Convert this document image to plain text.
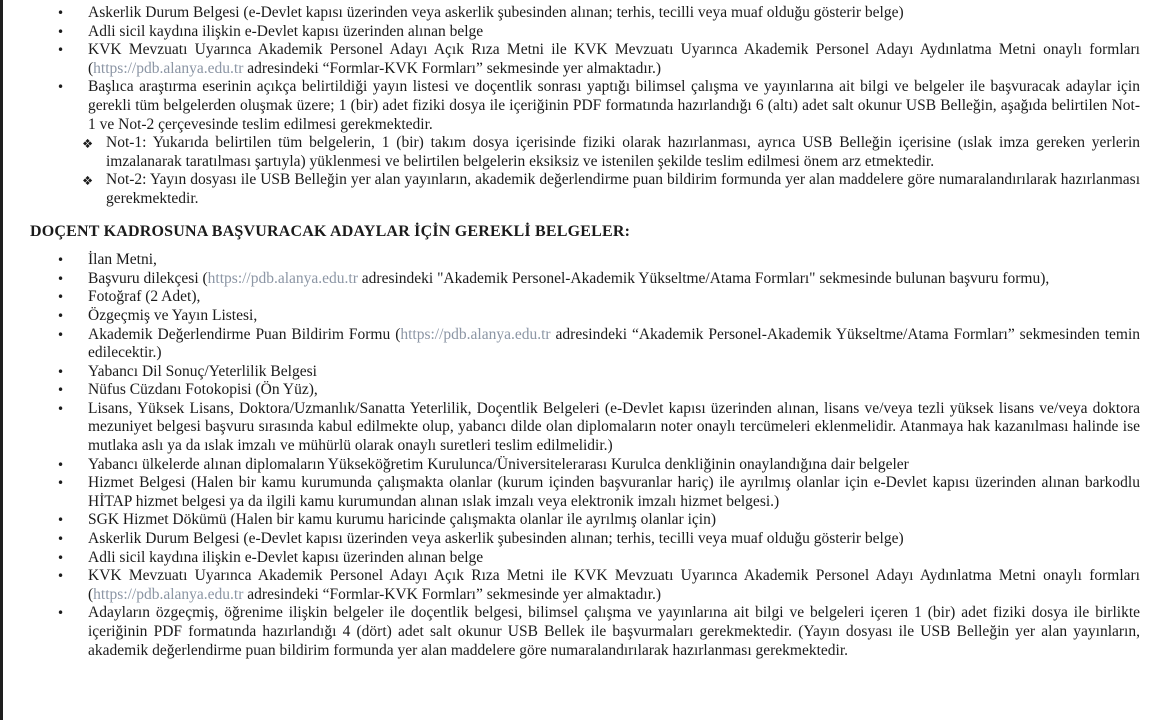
• Askerlik Durum Belgesi (e-Devlet kapısı üzerinden veya askerlik şubesinden alınan; terhis, tecilli veya muaf olduğu gösterir belge)
• Adli sicil kaydına ilişkin e-Devlet kapısı üzerinden alınan belge
• KVK Mevzuatı Uyarınca Akademik Personel Adayı Açık Rıza Metni ile KVK Mevzuatı Uyarınca Akademik Personel Adayı Aydınlatma Metni onaylı formları (https://pdb.alanya.edu.tr adresindeki “Formlar-KVK Formları” sekmesinde yer almaktadır.)
• Başlıca araştırma eserinin açıkça belirtildiği yayın listesi ve doçentlik sonrası yaptığı bilimsel çalışma ve yayınlarına ait bilgi ve belgeler ile başvuracak adaylar için gerekli tüm belgelerden oluşmak üzere; 1 (bir) adet fiziki dosya ile içeriğinin PDF formatında hazırlandığı 6 (altı) adet salt okunur USB Belleğin, aşağıda belirtilen Not-1 ve Not-2 çerçevesinde teslim edilmesi gerekmektedir.
❖ Not-1: Yukarıda belirtilen tüm belgelerin, 1 (bir) takım dosya içerisinde fiziki olarak hazırlanması, ayrıca USB Belleğin içerisine (ıslak imza gereken yerlerin imzalanarak taratılması şartıyla) yüklenmesi ve belirtilen belgelerin eksiksiz ve istenilen şekilde teslim edilmesi önem arz etmektedir.
❖ Not-2: Yayın dosyası ile USB Belleğin yer alan yayınların, akademik değerlendirme puan bildirim formunda yer alan maddelere göre numaralandırılarak hazırlanması gerekmektedir.
DOÇENT KADROSUNA BAŞVURACAK ADAYLAR İÇİN GEREKLİ BELGELER:
• İlan Metni,
• Başvuru dilekçesi (https://pdb.alanya.edu.tr adresindeki "Akademik Personel-Akademik Yükseltme/Atama Formları" sekmesinde bulunan başvuru formu),
• Fotoğraf (2 Adet),
• Özgeçmiş ve Yayın Listesi,
• Akademik Değerlendirme Puan Bildirim Formu (https://pdb.alanya.edu.tr adresindeki “Akademik Personel-Akademik Yükseltme/Atama Formları” sekmesinden temin edilecektir.)
• Yabancı Dil Sonuç/Yeterlilik Belgesi
• Nüfus Cüzdanı Fotokopisi (Ön Yüz),
• Lisans, Yüksek Lisans, Doktora/Uzmanlık/Sanatta Yeterlilik, Doçentlik Belgeleri (e-Devlet kapısı üzerinden alınan, lisans ve/veya tezli yüksek lisans ve/veya doktora mezuniyet belgesi başvuru sırasında kabul edilmekte olup, yabancı dilde olan diplomaların noter onaylı tercümeleri eklenmelidir. Atanmaya hak kazanılması halinde ise mutlaka aslı ya da ıslak imzalı ve mühürlü olarak onaylı suretleri teslim edilmelidir.)
• Yabancı ülkelerde alınan diplomaların Yükseköğretim Kurulunca/Üniversitelerarası Kurulca denkliğinin onaylandığına dair belgeler
• Hizmet Belgesi (Halen bir kamu kurumunda çalışmakta olanlar (kurum içinden başvuranlar hariç) ile ayrılmış olanlar için e-Devlet kapısı üzerinden alınan barkodlu HİTAP hizmet belgesi ya da ilgili kamu kurumundan alınan ıslak imzalı veya elektronik imzalı hizmet belgesi.)
• SGK Hizmet Dökümü (Halen bir kamu kurumu haricinde çalışmakta olanlar ile ayrılmış olanlar için)
• Askerlik Durum Belgesi (e-Devlet kapısı üzerinden veya askerlik şubesinden alınan; terhis, tecilli veya muaf olduğu gösterir belge)
• Adli sicil kaydına ilişkin e-Devlet kapısı üzerinden alınan belge
• KVK Mevzuatı Uyarınca Akademik Personel Adayı Açık Rıza Metni ile KVK Mevzuatı Uyarınca Akademik Personel Adayı Aydınlatma Metni onaylı formları (https://pdb.alanya.edu.tr adresindeki “Formlar-KVK Formları” sekmesinde yer almaktadır.)
• Adayların özgeçmiş, öğrenime ilişkin belgeler ile doçentlik belgesi, bilimsel çalışma ve yayınlarına ait bilgi ve belgeleri içeren 1 (bir) adet fiziki dosya ile birlikte içeriğinin PDF formatında hazırlandığı 4 (dört) adet salt okunur USB Bellek ile başvurmaları gerekmektedir. (Yayın dosyası ile USB Belleğin yer alan yayınların, akademik değerlendirme puan bildirim formunda yer alan maddelere göre numaralandırılarak hazırlanması gerekmektedir.
